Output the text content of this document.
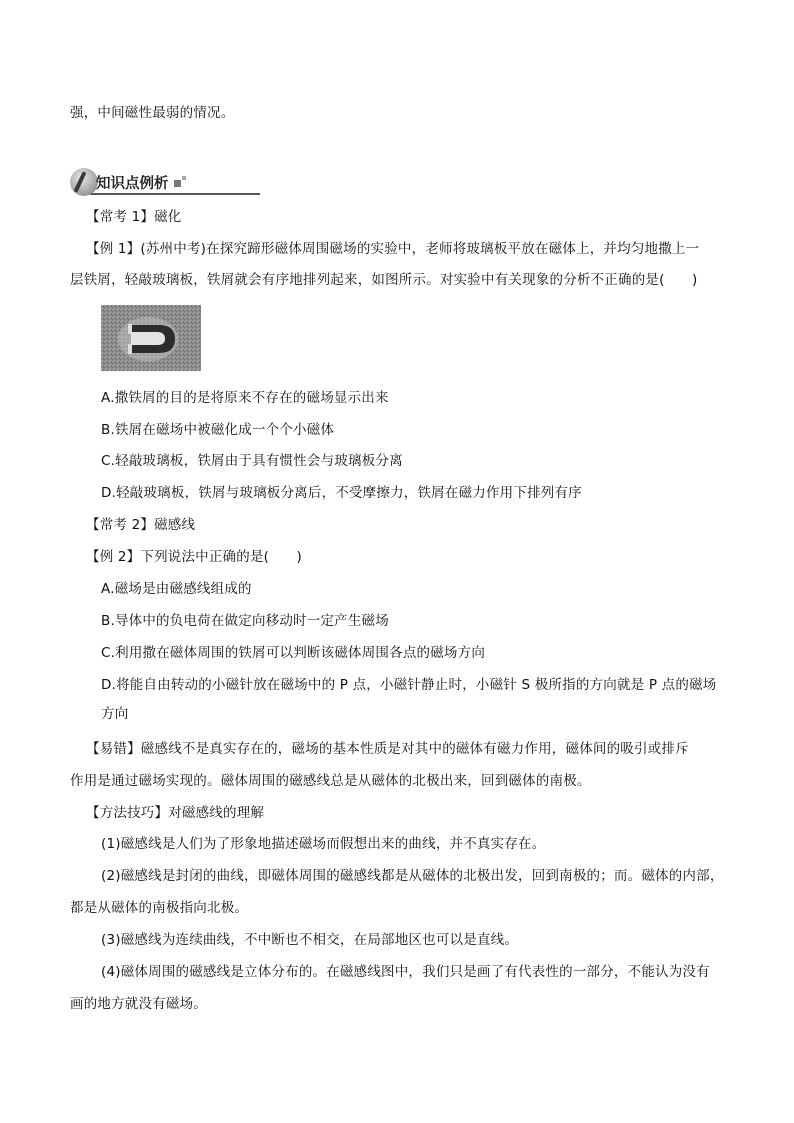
强，中间磁性最弱的情况。
知识点例析
【常考 1】磁化
【例 1】(苏州中考)在探究蹄形磁体周围磁场的实验中，老师将玻璃板平放在磁体上，并均匀地撒上一
层铁屑，轻敲玻璃板，铁屑就会有序地排列起来，如图所示。对实验中有关现象的分析不正确的是(　　)
A.撒铁屑的目的是将原来不存在的磁场显示出来
B.铁屑在磁场中被磁化成一个个小磁体
C.轻敲玻璃板，铁屑由于具有惯性会与玻璃板分离
D.轻敲玻璃板，铁屑与玻璃板分离后，不受摩擦力，铁屑在磁力作用下排列有序
【常考 2】磁感线
【例 2】下列说法中正确的是(　　)
A.磁场是由磁感线组成的
B.导体中的负电荷在做定向移动时一定产生磁场
C.利用撒在磁体周围的铁屑可以判断该磁体周围各点的磁场方向
D.将能自由转动的小磁针放在磁场中的 P 点，小磁针静止时，小磁针 S 极所指的方向就是 P 点的磁场
方向
【易错】磁感线不是真实存在的，磁场的基本性质是对其中的磁体有磁力作用，磁体间的吸引或排斥
作用是通过磁场实现的。磁体周围的磁感线总是从磁体的北极出来，回到磁体的南极。
【方法技巧】对磁感线的理解
(1)磁感线是人们为了形象地描述磁场而假想出来的曲线，并不真实存在。
(2)磁感线是封闭的曲线，即磁体周围的磁感线都是从磁体的北极出发，回到南极的；而。磁体的内部，
都是从磁体的南极指向北极。
(3)磁感线为连续曲线，不中断也不相交，在局部地区也可以是直线。
(4)磁体周围的磁感线是立体分布的。在磁感线图中，我们只是画了有代表性的一部分，不能认为没有
画的地方就没有磁场。
